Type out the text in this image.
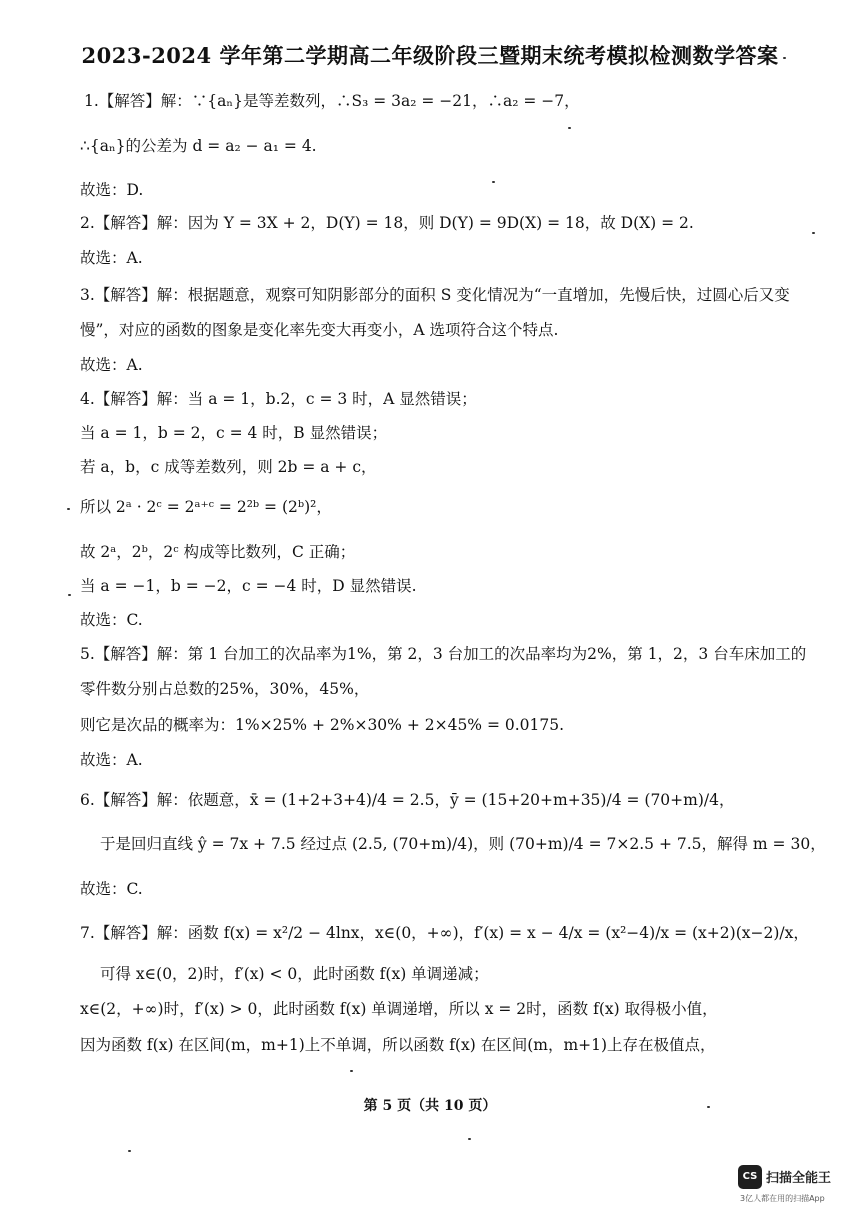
2023-2024 学年第二学期高二年级阶段三暨期末统考模拟检测数学答案
1.【解答】解：∵{aₙ}是等差数列，∴S₃ = 3a₂ = −21，∴a₂ = −7，
∴{aₙ}的公差为 d = a₂ − a₁ = 4.
故选：D.
2.【解答】解：因为 Y = 3X + 2，D(Y) = 18，则 D(Y) = 9D(X) = 18，故 D(X) = 2.
故选：A.
3.【解答】解：根据题意，观察可知阴影部分的面积 S 变化情况为“一直增加，先慢后快，过圆心后又变
慢”，对应的函数的图象是变化率先变大再变小，A 选项符合这个特点.
故选：A.
4.【解答】解：当 a = 1，b.2，c = 3 时，A 显然错误；
当 a = 1，b = 2，c = 4 时，B 显然错误；
若 a，b，c 成等差数列，则 2b = a + c，
所以 2ᵃ · 2ᶜ = 2ᵃ⁺ᶜ = 2²ᵇ = (2ᵇ)²，
故 2ᵃ，2ᵇ，2ᶜ 构成等比数列，C 正确；
当 a = −1，b = −2，c = −4 时，D 显然错误.
故选：C.
5.【解答】解：第 1 台加工的次品率为1%，第 2，3 台加工的次品率均为2%，第 1，2，3 台车床加工的
零件数分别占总数的25%，30%，45%，
则它是次品的概率为：1%×25% + 2%×30% + 2×45% = 0.0175.
故选：A.
6.【解答】解：依题意，x̄ = (1+2+3+4)/4 = 2.5，ȳ = (15+20+m+35)/4 = (70+m)/4，
于是回归直线 ŷ = 7x + 7.5 经过点 (2.5, (70+m)/4)，则 (70+m)/4 = 7×2.5 + 7.5，解得 m = 30，
故选：C.
7.【解答】解：函数 f(x) = x²/2 − 4lnx，x∈(0，+∞)，f′(x) = x − 4/x = (x²−4)/x = (x+2)(x−2)/x，
可得 x∈(0，2)时，f′(x) < 0，此时函数 f(x) 单调递减；
x∈(2，+∞)时，f′(x) > 0，此时函数 f(x) 单调递增，所以 x = 2时，函数 f(x) 取得极小值，
因为函数 f(x) 在区间(m，m+1)上不单调，所以函数 f(x) 在区间(m，m+1)上存在极值点，
第 5 页（共 10 页）
CS 扫描全能王
3亿人都在用的扫描App
